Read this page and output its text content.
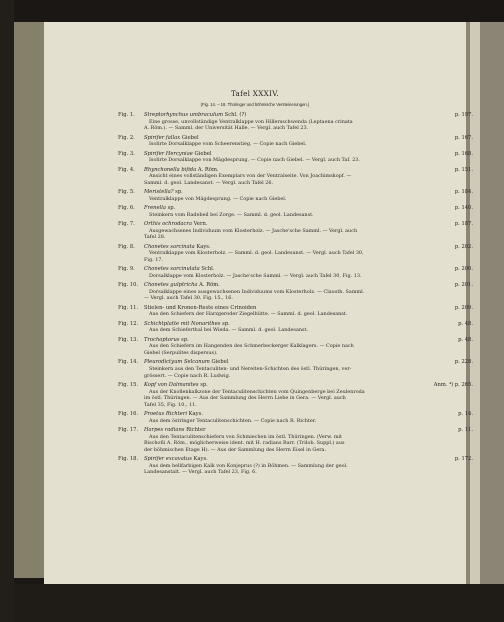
Tafel XXXIV.
(Fig. 14. – 18. Thüringer und böhmische Versteinerungen.)
Fig. 1. Streptorhynchus umbraculum Schl. (?)	p. 197.
Eine grosse, unvollständige Ventralklappe von Hillersschwenda (Leptaena crinata
A. Röm.). — Samml. der Universität Halle. — Vergl. auch Tafel 23.
Fig. 2. Spirifer fallax Giebel	p. 167.
Isolirte Dorsalklappe vom Scheerenstieg. — Copie nach Giebel.
Fig. 3. Spirifer Hercyniae Giebel	p. 168.
Isolirte Dorsalklappe von Mägdesprung. — Copie nach Giebel. — Vergl. auch Taf. 23.
Fig. 4. Rhynchonella bifida A. Röm.	p. 151.
Ansicht eines vollständigen Exemplars von der Ventralseite. Von Joachimskopf. —
Samml. d. geol. Landesanst. — Vergl. auch Tafel 26.
Fig. 5. Meristella? sp.	p. 184.
Ventralklappe von Mägdesprung. — Copie nach Giebel.
Fig. 6. Frenella sp.	p. 140.
Steinkern vom Radebeil bei Zorge. — Samml. d. geol. Landesanst.
Fig. 7. Orthis ochrodacra Vern.	p. 187.
Ausgewachsenes Individuum vom Klosterholz. — Jasche'sche Samml. — Vergl. auch
Tafel 28.
Fig. 8. Chonetes sarcinata Kays.	p. 202.
Ventralklappe vom Klosterholz. — Samml. d. geol. Landesanst. — Vergl. auch Tafel 30,
Fig. 17.
Fig. 9. Chonetes sarcinulata Schl.	p. 200.
Dorsalklappe vom Klosterholz. — Jasche'sche Samml. — Vergl. auch Tafel 30, Fig. 13.
Fig. 10. Chonetes gulptricha A. Röm.	p. 201.
Dorsalklappe eines ausgewachsenen Individuums vom Klosterholz. — Clausth. Samml.
— Vergl. auch Tafel 30, Fig. 15., 16.
Fig. 11. Stielen- und Kronen-Reste eines Crinoiden	p. 209.
Aus den Schiefern der Harzgeroder Ziegelhütte. — Samml. d. geol. Landesanst.
Fig. 12. Schichtplatte mit Nonarithes sp.	p. 48.
Aus dem Schieferthal bei Wieda. — Samml. d. geol. Landesanst.
Fig. 13. Trochoptorus sp.	p. 48.
Aus den Schiefern im Hangenden des Schmerbeckerger Kalklagers. — Copie nach
Giebel (Serpulites dispersus).
Fig. 14. Pleurodictyum Selcanum Giebel	p. 228.
Steinkern aus den Tentaculiten- und Nereiten-Schichten des östl. Thüringen, ver-
grössert. — Copie nach R. Ludwig.
Fig. 15. Kopf von Dalmanites sp.	Anm. ⁴) p. 265.
Aus der Knollenkalkzone der Tentaculitenschichten vom Quingenberge bei Zeulenroda
im östl. Thüringen. — Aus der Sammlung des Herrn Liebe in Gera. — Vergl. auch
Tafel 35, Fig. 10., 11.
Fig. 16. Proetus Richteri Kays.	p. 14.
Aus dem östringer Tentaculitenschichten. — Copie nach R. Richter.
Fig. 17. Harpes radians Richter	p. 11.
Aus den Tentaculitenschiefern von Schmiechen im östl. Thüringen. (Verw. mit
Bischofii A. Röm., möglicherweise ident. mit H. radians Barr. (Trilob. Suppl.) aus
der böhmischen Etage H). — Aus der Sammlung des Herrn Eisel in Gera.
Fig. 18. Spirifer excavatus Kays.	p. 172.
Aus dem hellfarbigen Kalk von Konjeprus (?) in Böhmen. — Sammlung der geol.
Landesanstalt. — Vergl. auch Tafel 23, Fig. 6.
